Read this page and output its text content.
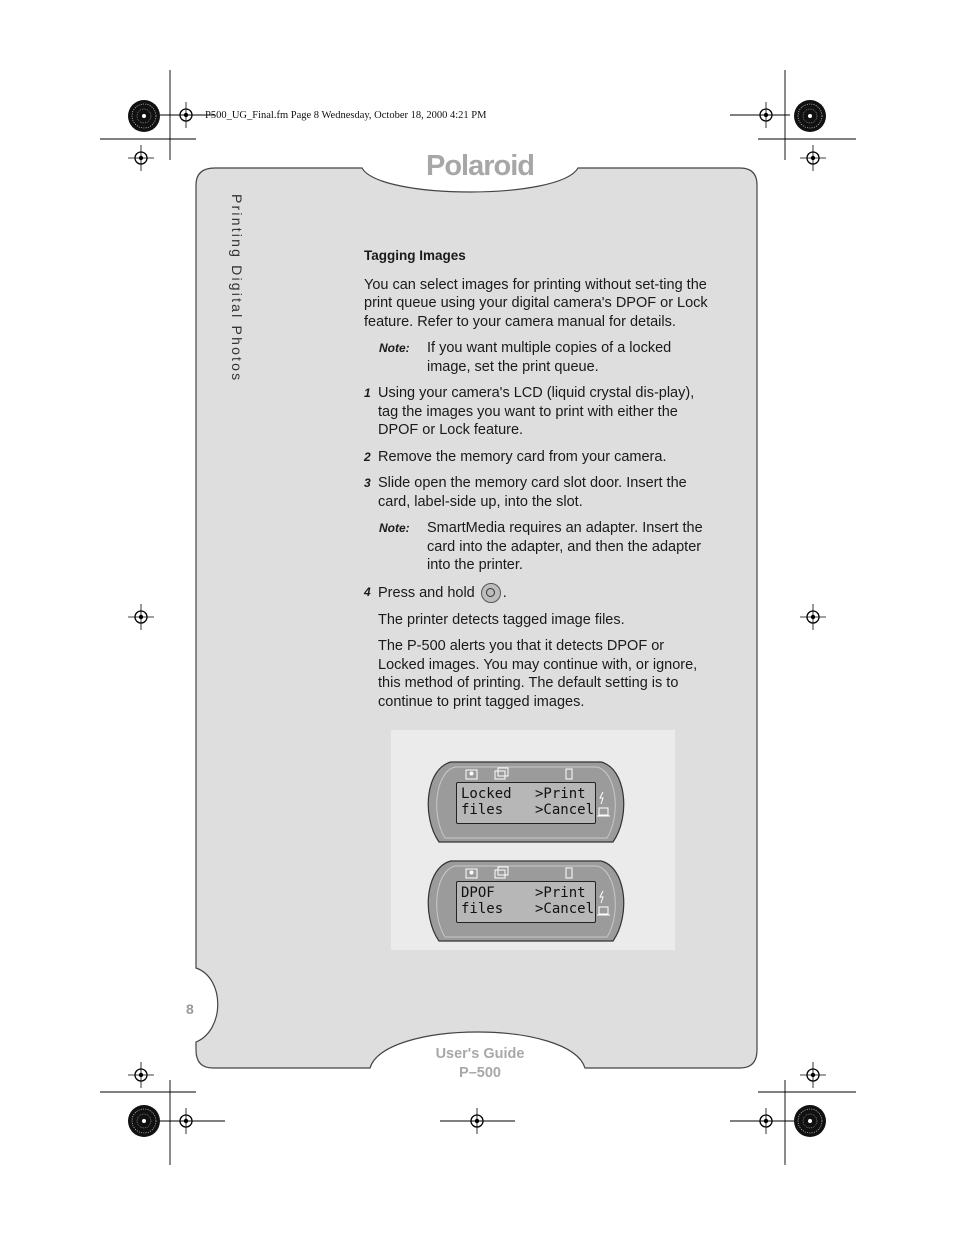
P500_UG_Final.fm Page 8 Wednesday, October 18, 2000 4:21 PM
Polaroid
Printing Digital Photos
8
User's Guide
P–500
Tagging Images
You can select images for printing without set-ting the print queue using your digital camera's DPOF or Lock feature. Refer to your camera manual for details.
Note:	If you want multiple copies of a locked image, set the print queue.
1 Using your camera's LCD (liquid crystal dis-play), tag the images you want to print with either the DPOF or Lock feature.
2 Remove the memory card from your camera.
3 Slide open the memory card slot door. Insert the card, label-side up, into the slot.
Note:	SmartMedia requires an adapter. Insert the card into the adapter, and then the adapter into the printer.
4 Press and hold .
The printer detects tagged image files.
The P-500 alerts you that it detects DPOF or Locked images. You may continue with, or ignore, this method of printing. The default setting is to continue to print tagged images.
Locked	>Print
files	>Cancel
DPOF	>Print
files	>Cancel
